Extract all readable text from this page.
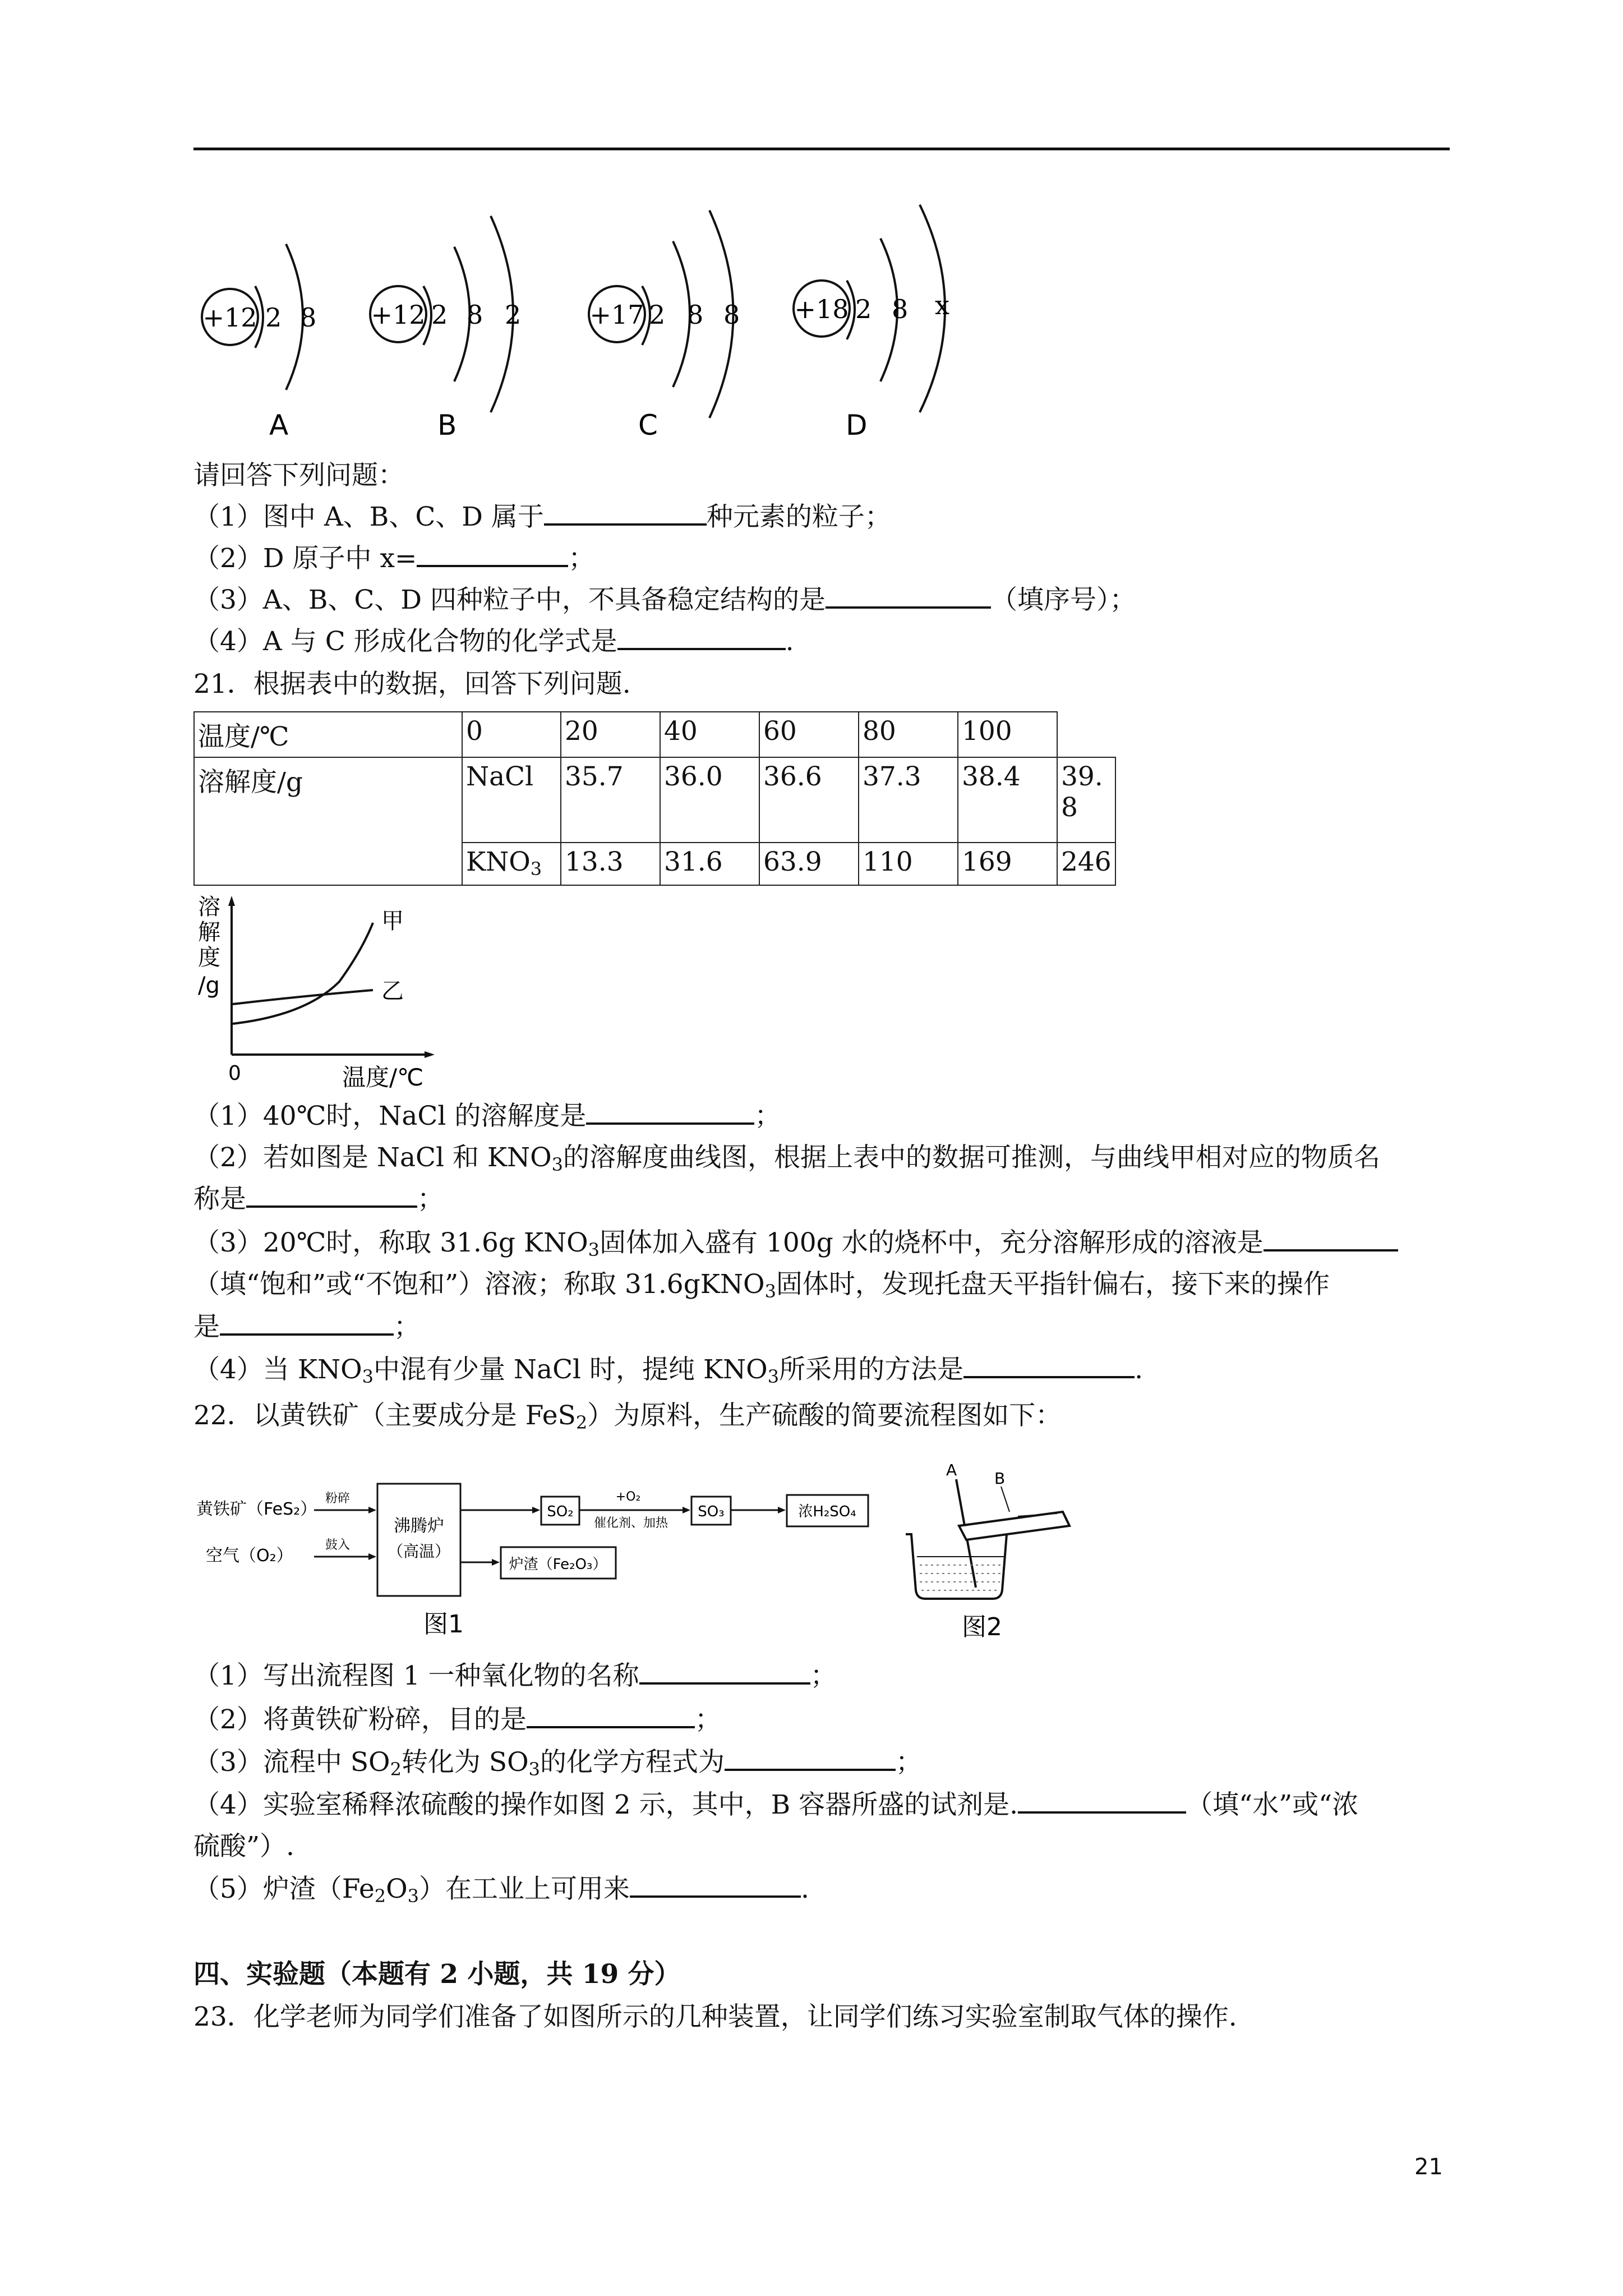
+12 2 8
A
+12 2 8 2
B
+17 2 8 8
C
+18 2 8 x
D
请回答下列问题：
（1）图中 A、B、C、D 属于	种元素的粒子；
（2）D 原子中 x=	；
（3）A、B、C、D 四种粒子中，不具备稳定结构的是	（填序号）；
（4）A 与 C 形成化合物的化学式是	.
21．根据表中的数据，回答下列问题.
温度/℃	0	20	40	60	80	100	
溶解度/g	NaCl	35.7	36.0	36.6	37.3	38.4	39.8
	$KNO_3$	13.3	31.6	63.9	110	169	246
溶
解
度
/g
甲
乙
0	温度/℃
（1）40℃时，NaCl 的溶解度是	；
（2）若如图是 NaCl 和 $KNO_3$的溶解度曲线图，根据上表中的数据可推测，与曲线甲相对应的物质名
称是	；
（3）20℃时，称取 31.6g $KNO_3$固体加入盛有 100g 水的烧杯中，充分溶解形成的溶液是
（填“饱和”或“不饱和”）溶液；称取 31.6gKNO$_3$固体时，发现托盘天平指针偏右，接下来的操作
是	；
（4）当 $KNO_3$中混有少量 NaCl 时，提纯 $KNO_3$所采用的方法是	.
22．以黄铁矿（主要成分是 FeS$_2$）为原料，生产硫酸的简要流程图如下：
黄铁矿（FeS₂）
粉碎
空气（O₂）
鼓入
沸腾炉
（高温）
SO₂
+O₂
催化剂、加热
SO₃	浓H₂SO₄
炉渣（Fe₂O₃）
图1
A B
图2
（1）写出流程图 1 一种氧化物的名称	；
（2）将黄铁矿粉碎，目的是	；
（3）流程中 $SO_2$转化为 $SO_3$的化学方程式为	；
（4）实验室稀释浓硫酸的操作如图 2 示，其中，B 容器所盛的试剂是.	（填“水”或“浓
硫酸”）.
（5）炉渣$(Fe_2O_3)$在工业上可用来	.
四、实验题（本题有 2 小题，共 19 分）
23．化学老师为同学们准备了如图所示的几种装置，让同学们练习实验室制取气体的操作.
21
